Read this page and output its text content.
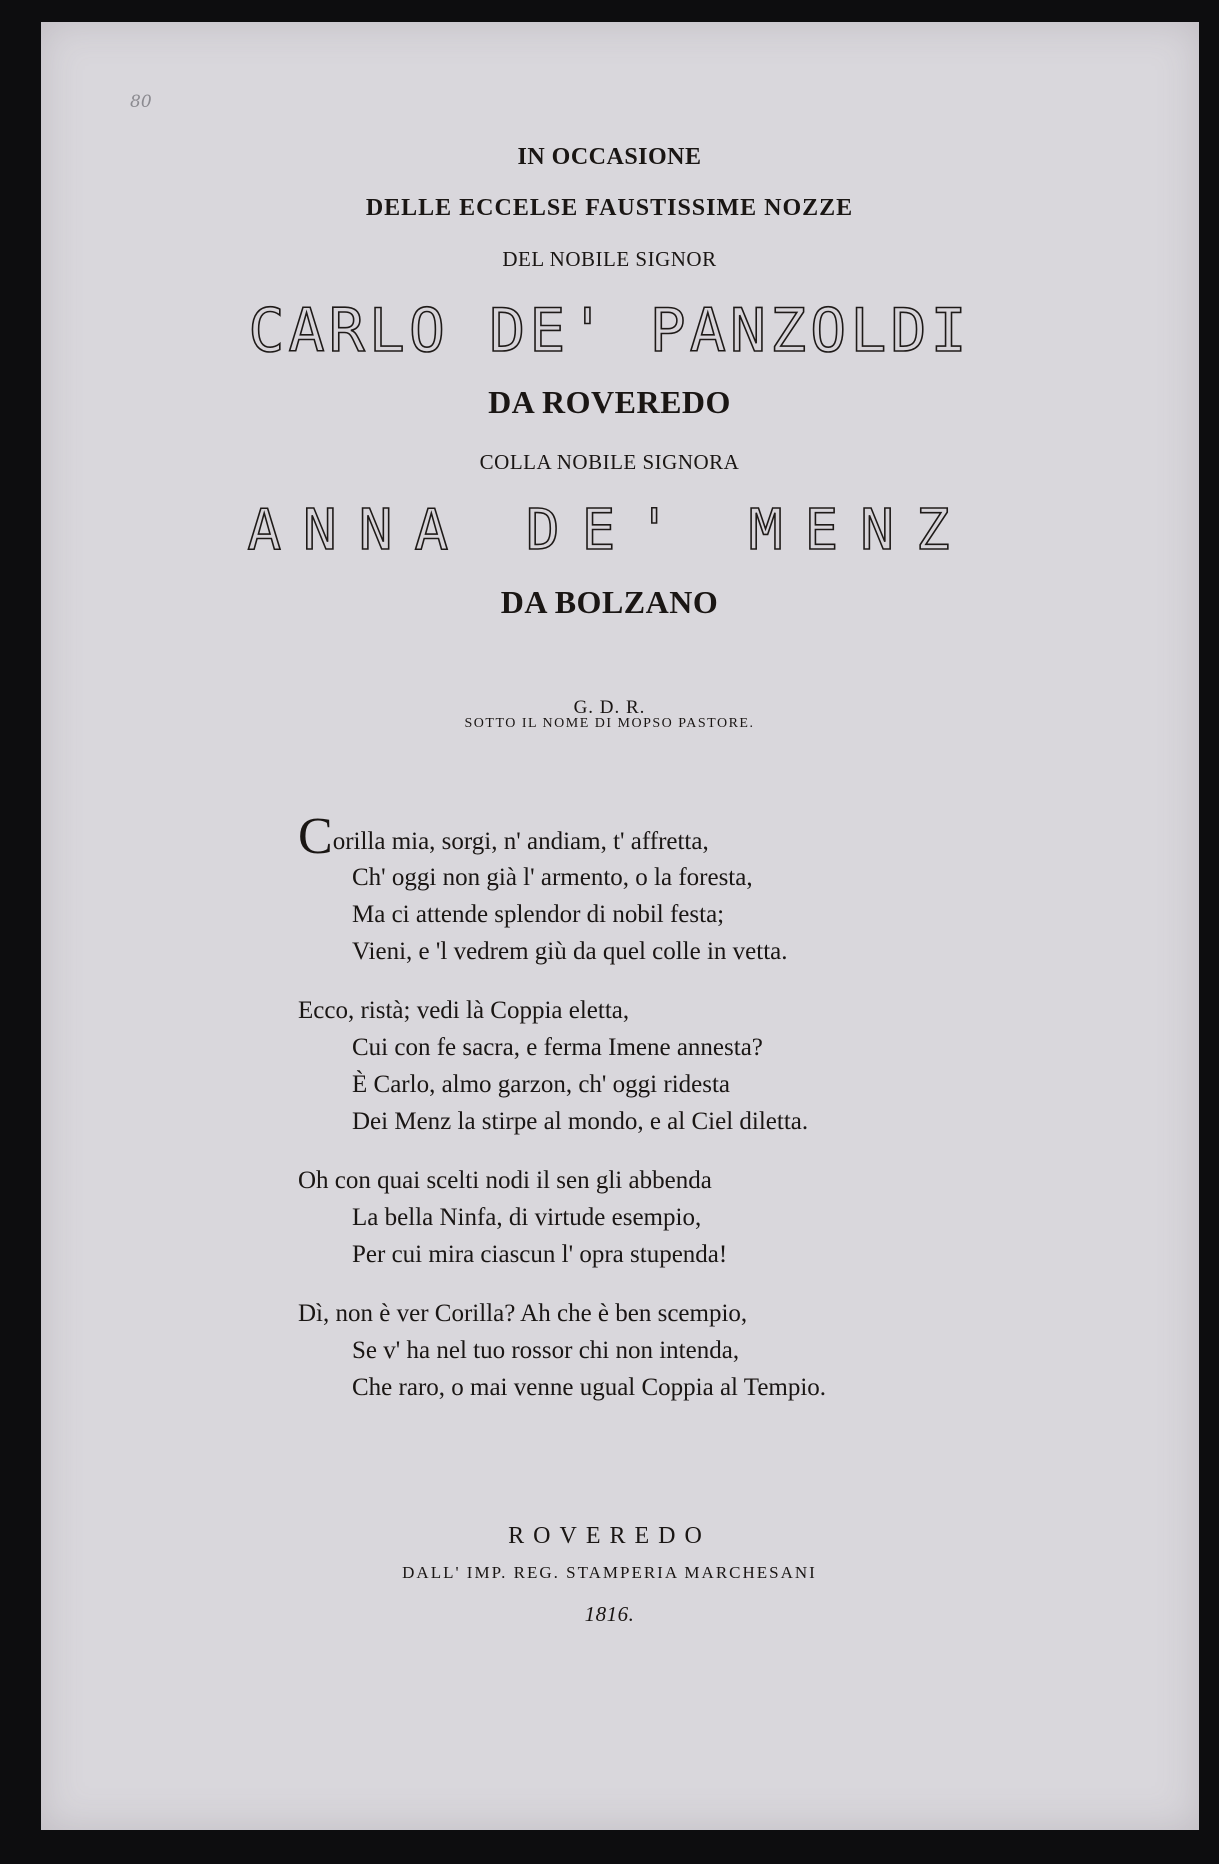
80
IN OCCASIONE
DELLE ECCELSE FAUSTISSIME NOZZE
DEL NOBILE SIGNOR
CARLO DE' PANZOLDI
DA ROVEREDO
COLLA NOBILE SIGNORA
ANNA DE' MENZ
DA BOLZANO
G. D. R.
SOTTO IL NOME DI MOPSO PASTORE.
Corilla mia, sorgi, n' andiam, t' affretta,
Ch' oggi non già l' armento, o la foresta,
Ma ci attende splendor di nobil festa;
Vieni, e 'l vedrem giù da quel colle in vetta.
Ecco, ristà; vedi là Coppia eletta,
Cui con fe sacra, e ferma Imene annesta?
È Carlo, almo garzon, ch' oggi ridesta
Dei Menz la stirpe al mondo, e al Ciel diletta.
Oh con quai scelti nodi il sen gli abbenda
La bella Ninfa, di virtude esempio,
Per cui mira ciascun l' opra stupenda!
Dì, non è ver Corilla? Ah che è ben scempio,
Se v' ha nel tuo rossor chi non intenda,
Che raro, o mai venne ugual Coppia al Tempio.
ROVEREDO
DALL' IMP. REG. STAMPERIA MARCHESANI
1816.
